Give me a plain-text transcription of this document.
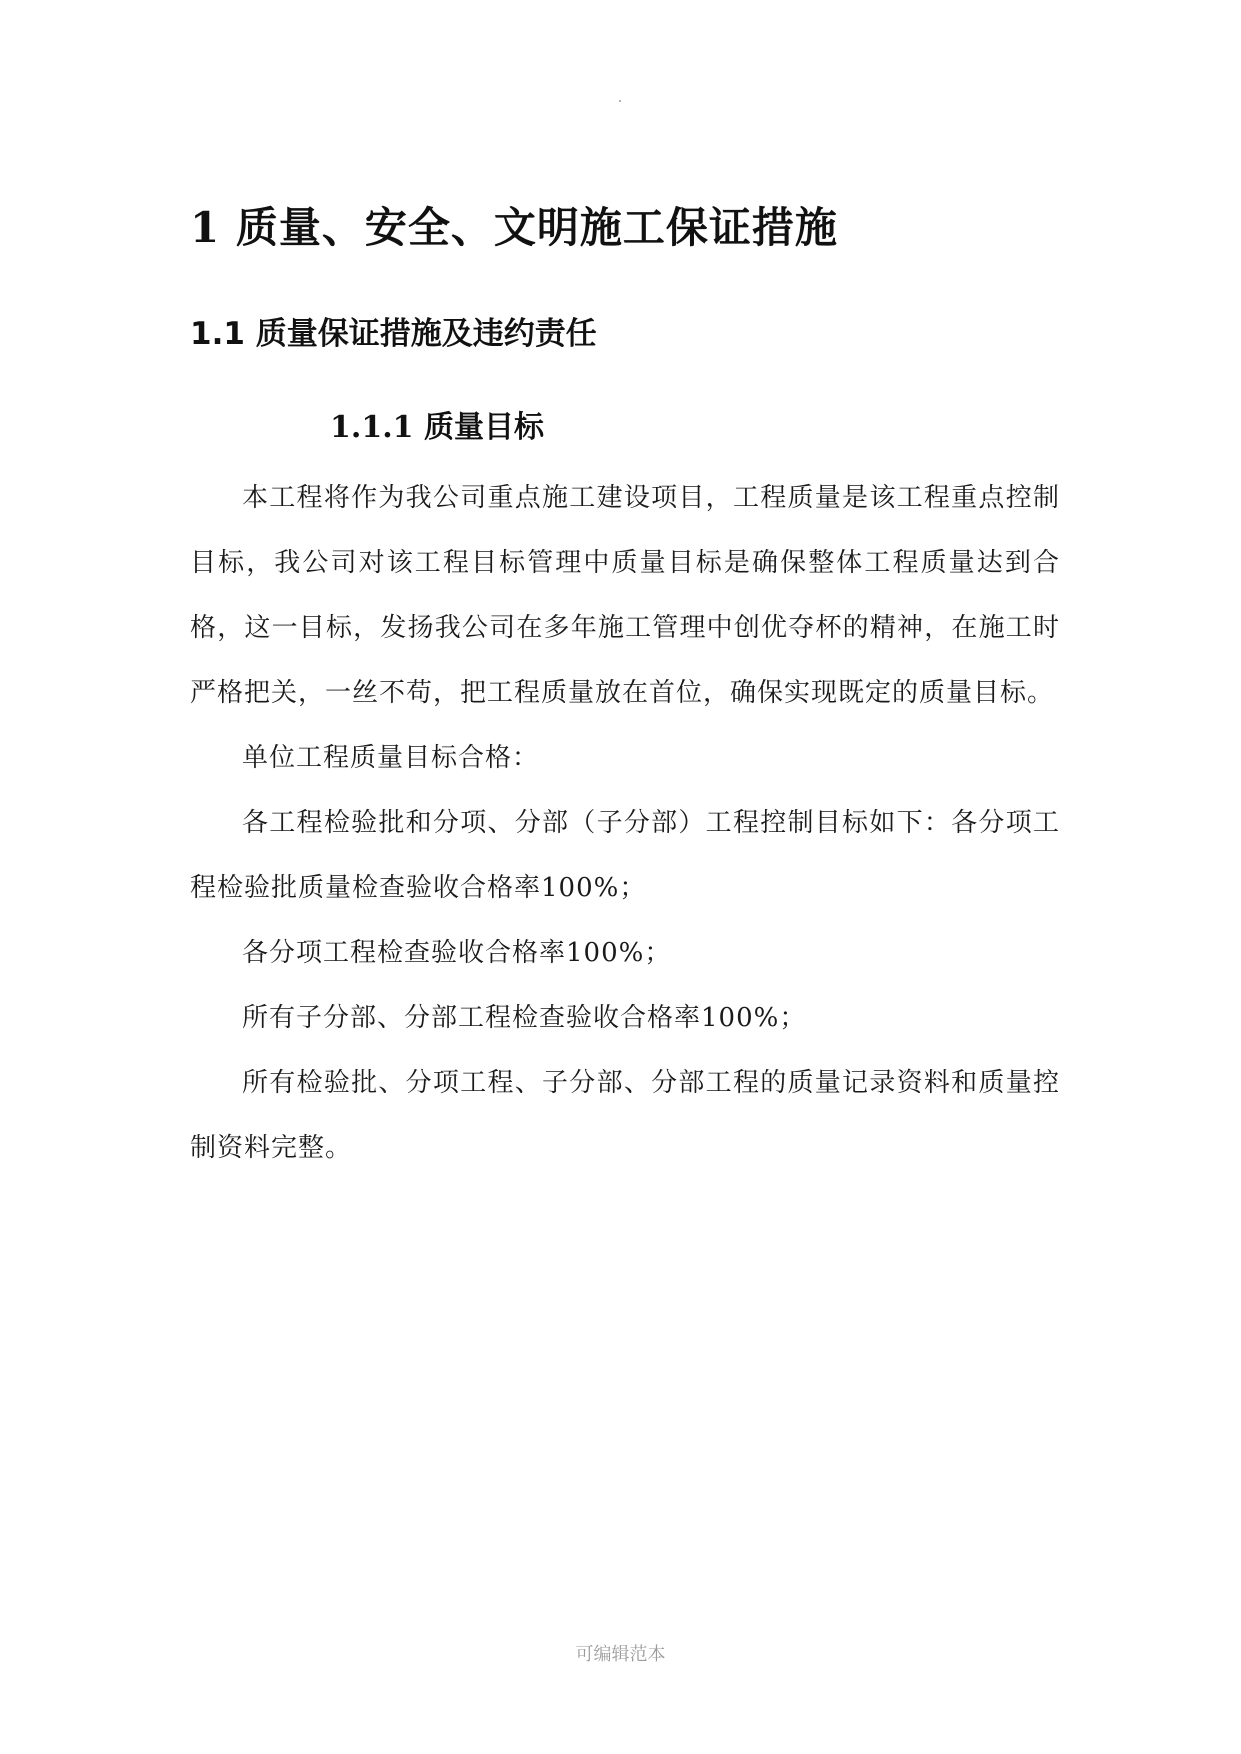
1 质量、安全、文明施工保证措施
1.1 质量保证措施及违约责任
1.1.1 质量目标

本工程将作为我公司重点施工建设项目，工程质量是该工程重点控制目标，我公司对该工程目标管理中质量目标是确保整体工程质量达到合格，这一目标，发扬我公司在多年施工管理中创优夺杯的精神，在施工时严格把关，一丝不苟，把工程质量放在首位，确保实现既定的质量目标。

单位工程质量目标合格：

各工程检验批和分项、分部（子分部）工程控制目标如下：各分项工程检验批质量检查验收合格率100%；

各分项工程检查验收合格率100%；

所有子分部、分部工程检查验收合格率100%；

所有检验批、分项工程、子分部、分部工程的质量记录资料和质量控制资料完整。

可编辑范本
